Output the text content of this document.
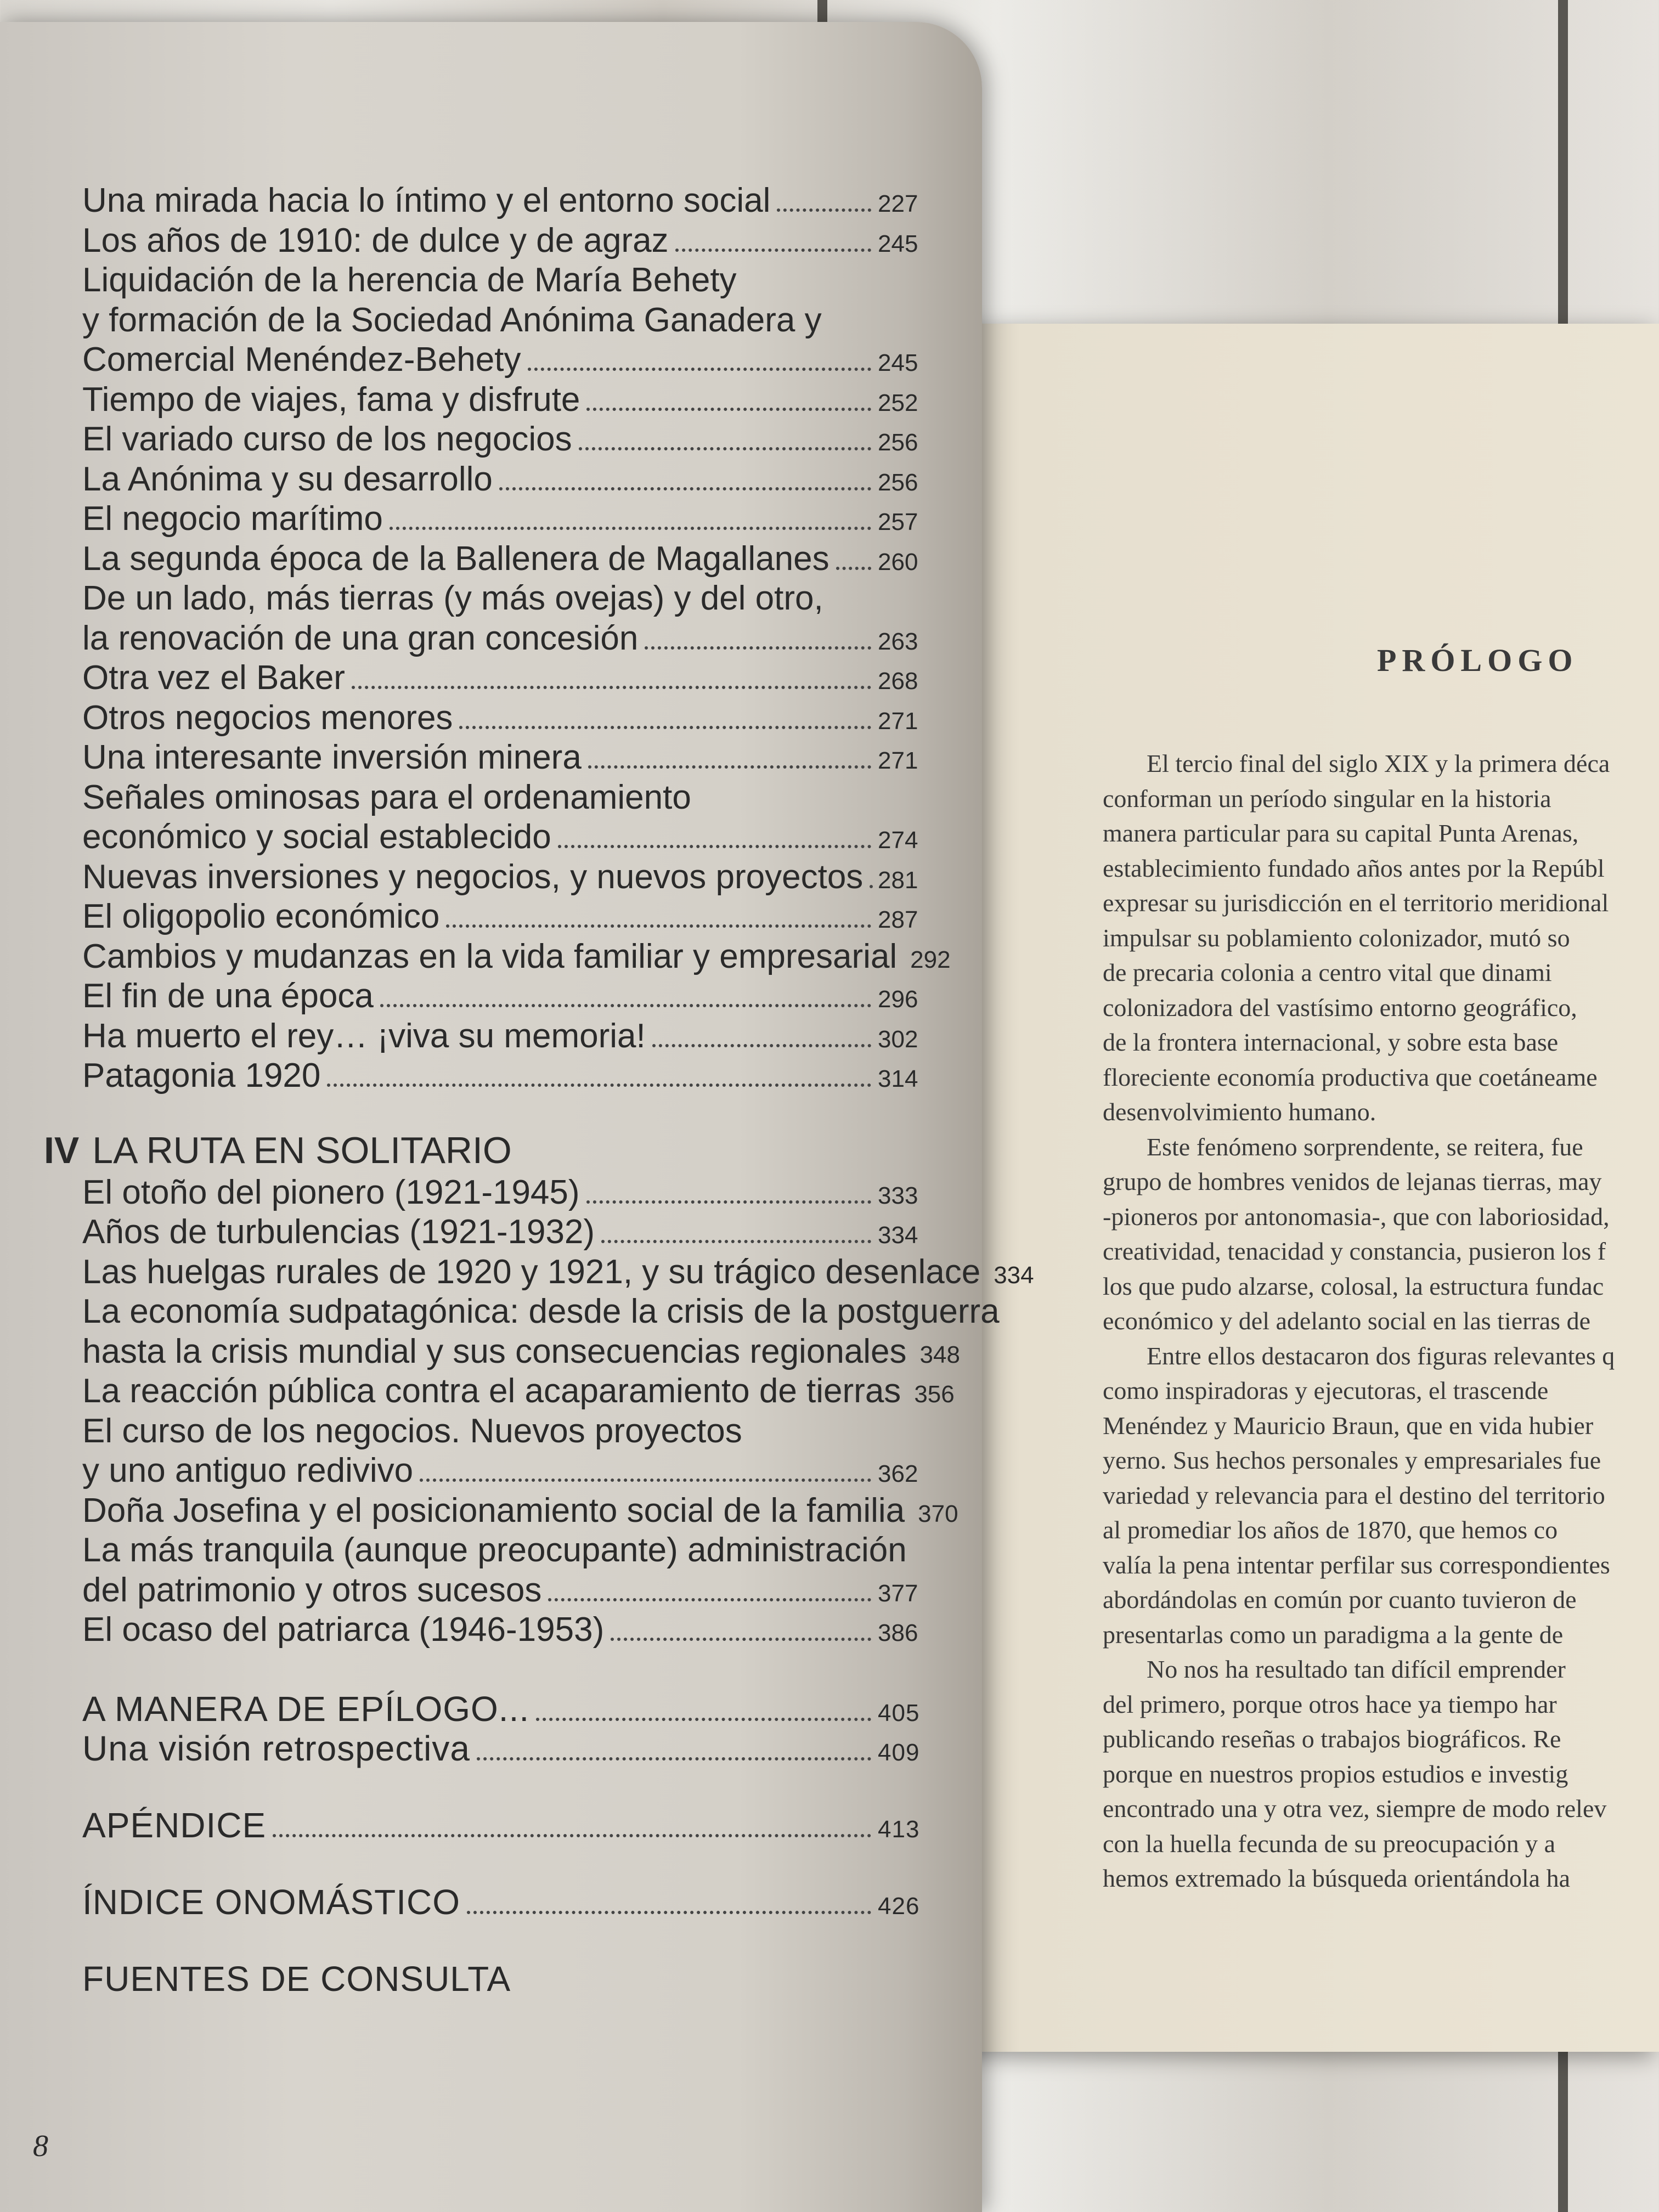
Una mirada hacia lo íntimo y el entorno social	227
Los años de 1910: de dulce y de agraz	245
Liquidación de la herencia de María Behety
y formación de la Sociedad Anónima Ganadera y
Comercial Menéndez-Behety	245
Tiempo de viajes, fama y disfrute	252
El variado curso de los negocios	256
La Anónima y su desarrollo	256
El negocio marítimo	257
La segunda época de la Ballenera de Magallanes 260
De un lado, más tierras (y más ovejas) y del otro,
la renovación de una gran concesión	263
Otra vez el Baker	268
Otros negocios menores	271
Una interesante inversión minera	271
Señales ominosas para el ordenamiento
económico y social establecido	274
Nuevas inversiones y negocios, y nuevos proyectos 281
El oligopolio económico	287
Cambios y mudanzas en la vida familiar y empresarial 292
El fin de una época	296
Ha muerto el rey… ¡viva su memoria!	302
Patagonia 1920	314
IV LA RUTA EN SOLITARIO
El otoño del pionero (1921-1945)	333
Años de turbulencias (1921-1932)	334
Las huelgas rurales de 1920 y 1921, y su trágico desenlace 334
La economía sudpatagónica: desde la crisis de la postguerra
hasta la crisis mundial y sus consecuencias regionales 348
La reacción pública contra el acaparamiento de tierras 356
El curso de los negocios. Nuevos proyectos
y uno antiguo redivivo	362
Doña Josefina y el posicionamiento social de la familia 370
La más tranquila (aunque preocupante) administración
del patrimonio y otros sucesos	377
El ocaso del patriarca (1946-1953)	386
A MANERA DE EPÍLOGO...	405
Una visión retrospectiva	409
APÉNDICE	413
ÍNDICE ONOMÁSTICO	426
FUENTES DE CONSULTA
8
PRÓLOGO
El tercio final del siglo XIX y la primera déca
conforman un período singular en la historia
manera particular para su capital Punta Arenas,
establecimiento fundado años antes por la Repúbl
expresar su jurisdicción en el territorio meridional
impulsar su poblamiento colonizador, mutó so
de precaria colonia a centro vital que dinami
colonizadora del vastísimo entorno geográfico,
de la frontera internacional, y sobre esta base
floreciente economía productiva que coetáneame
desenvolvimiento humano.
Este fenómeno sorprendente, se reitera, fue
grupo de hombres venidos de lejanas tierras, may
-pioneros por antonomasia-, que con laboriosidad,
creatividad, tenacidad y constancia, pusieron los f
los que pudo alzarse, colosal, la estructura fundac
económico y del adelanto social en las tierras de
Entre ellos destacaron dos figuras relevantes q
como inspiradoras y ejecutoras, el trascende
Menéndez y Mauricio Braun, que en vida hubier
yerno. Sus hechos personales y empresariales fue
variedad y relevancia para el destino del territorio
al promediar los años de 1870, que hemos co
valía la pena intentar perfilar sus correspondientes
abordándolas en común por cuanto tuvieron de
presentarlas como un paradigma a la gente de
No nos ha resultado tan difícil emprender
del primero, porque otros hace ya tiempo har
publicando reseñas o trabajos biográficos. Re
porque en nuestros propios estudios e investig
encontrado una y otra vez, siempre de modo relev
con la huella fecunda de su preocupación y a
hemos extremado la búsqueda orientándola ha
